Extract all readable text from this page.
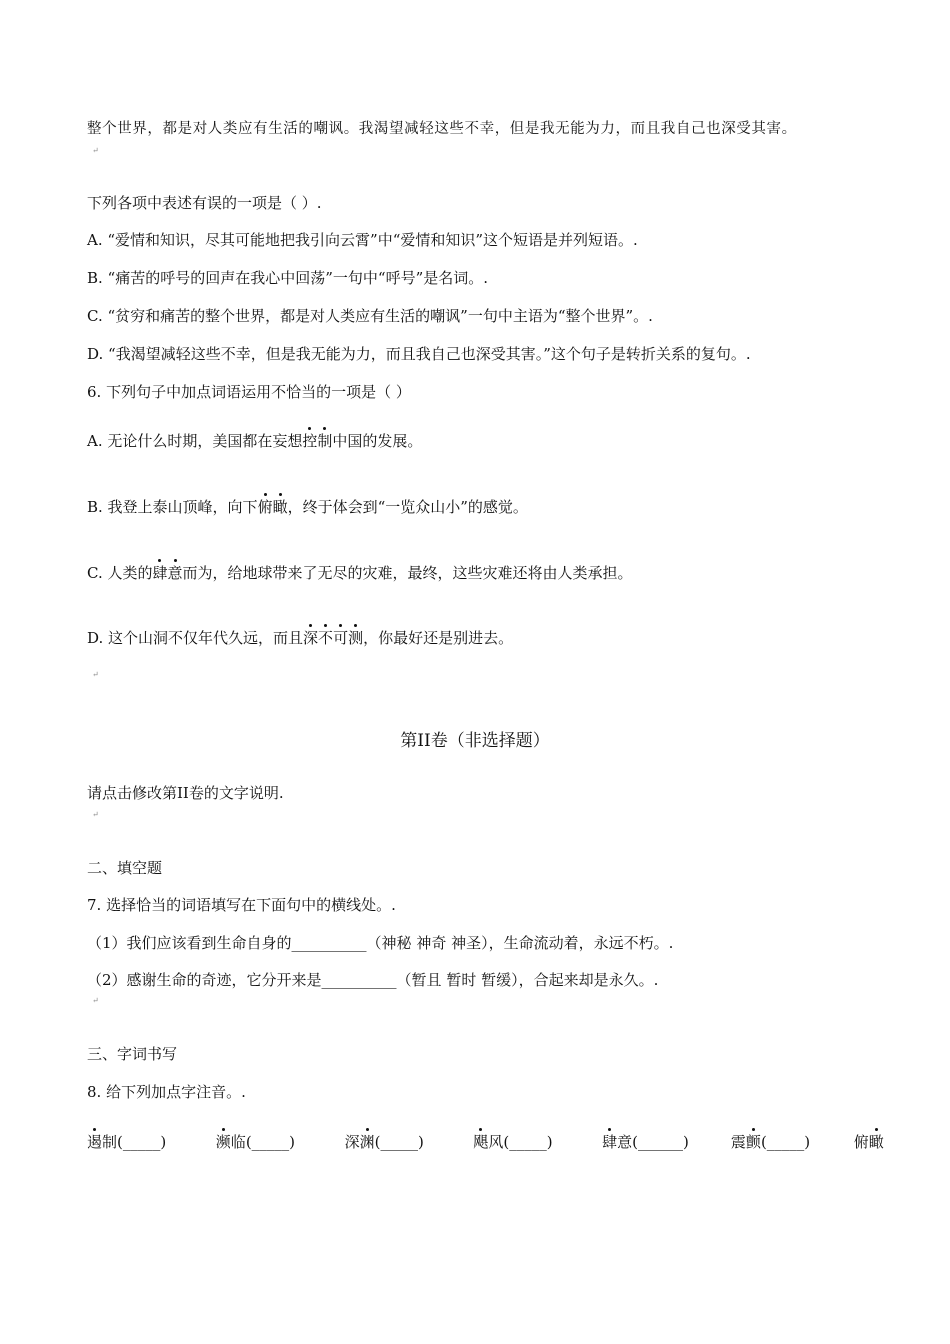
整个世界，都是对人类应有生活的嘲讽。我渴望减轻这些不幸，但是我无能为力，而且我自己也深受其害。
↵
下列各项中表述有误的一项是（ ）.
A. “爱情和知识，尽其可能地把我引向云霄”中“爱情和知识”这个短语是并列短语。.
B. “痛苦的呼号的回声在我心中回荡”一句中“呼号”是名词。.
C. “贫穷和痛苦的整个世界，都是对人类应有生活的嘲讽”一句中主语为“整个世界”。.
D. “我渴望减轻这些不幸，但是我无能为力，而且我自己也深受其害。”这个句子是转折关系的复句。.
6. 下列句子中加点词语运用不恰当的一项是（ ）
A. 无论什么时期，美国都在妄想控制中国的发展。
B. 我登上泰山顶峰，向下俯瞰，终于体会到“一览众山小”的感觉。
C. 人类的肆意而为，给地球带来了无尽的灾难，最终，这些灾难还将由人类承担。
D. 这个山洞不仅年代久远，而且深不可测，你最好还是别进去。
↵
第II卷（非选择题）
请点击修改第II卷的文字说明.
↵
二、填空题
7. 选择恰当的词语填写在下面句中的横线处。.
（1）我们应该看到生命自身的__________（神秘 神奇 神圣），生命流动着，永远不朽。.
（2）感谢生命的奇迹，它分开来是__________（暂且 暂时 暂缓），合起来却是永久。.
↵
三、字词书写
8. 给下列加点字注音。.
遏制(_____)	濒临(_____)	深渊(_____)	飓风(_____)	肆意(______)	震颤(_____)	俯瞰
